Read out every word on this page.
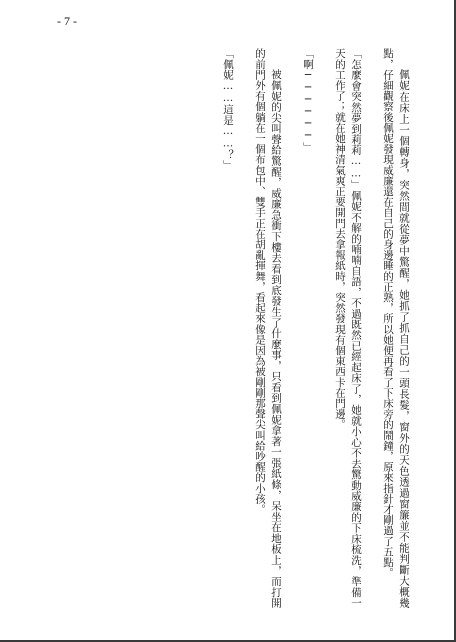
- 7 -

佩妮在床上一個轉身，突然間就從夢中驚醒，她抓了抓自己的一頭長髮，窗外的天色透過窗簾並不能判斷大概幾點，仔細觀察後佩妮發現威廉還在自己的身邊睡的正熟，所以她便再看了下床旁的鬧鐘，原來指針才剛過了五點。

「怎麼會突然夢到莉莉……」佩妮不解的喃喃自語，不過既然已經起床了，她就小心不去驚動威廉的下床梳洗，準備一天的工作了；就在她神清氣爽正要開門去拿報紙時，突然發現有個東西卡在門邊。

「啊──────」

被佩妮的尖叫聲給驚醒，威廉急衝下樓去看到底發生了什麼事，只看到佩妮拿著一張紙條，呆坐在地板上，而打開的前門外有個躺在一個布包中、雙手正在胡亂揮舞，看起來像是因為被剛剛那聲尖叫給吵醒的小孩。

「佩妮……這是……？」
